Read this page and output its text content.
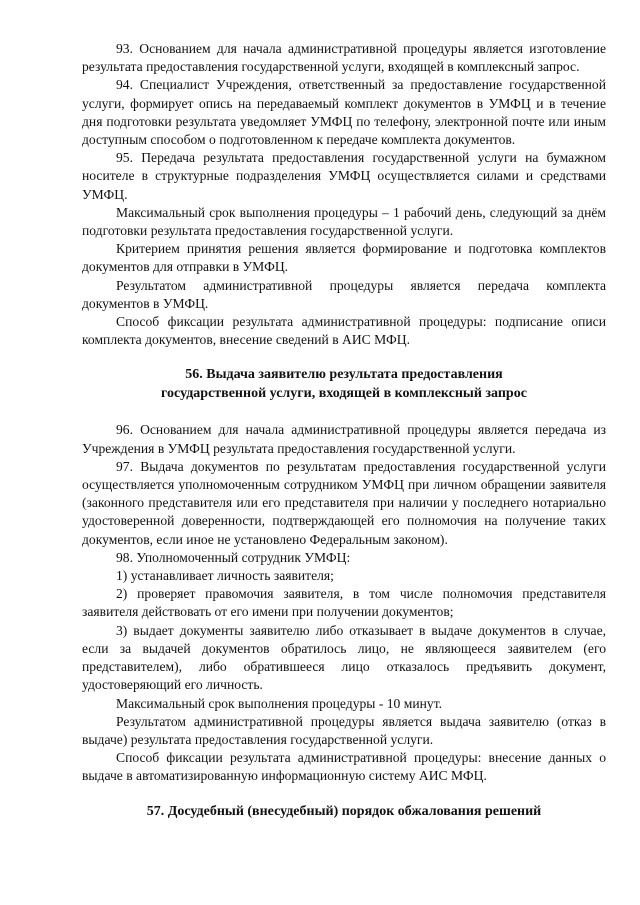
93. Основанием для начала административной процедуры является изготовление результата предоставления государственной услуги, входящей в комплексный запрос.

94. Специалист Учреждения, ответственный за предоставление государственной услуги, формирует опись на передаваемый комплект документов в УМФЦ и в течение дня подготовки результата уведомляет УМФЦ по телефону, электронной почте или иным доступным способом о подготовленном к передаче комплекта документов.

95. Передача результата предоставления государственной услуги на бумажном носителе в структурные подразделения УМФЦ осуществляется силами и средствами УМФЦ.

Максимальный срок выполнения процедуры – 1 рабочий день, следующий за днём подготовки результата предоставления государственной услуги.

Критерием принятия решения является формирование и подготовка комплектов документов для отправки в УМФЦ.

Результатом административной процедуры является передача комплекта документов в УМФЦ.

Способ фиксации результата административной процедуры: подписание описи комплекта документов, внесение сведений в АИС МФЦ.

56. Выдача заявителю результата предоставления

государственной услуги, входящей в комплексный запрос

96. Основанием для начала административной процедуры является передача из Учреждения в УМФЦ результата предоставления государственной услуги.

97. Выдача документов по результатам предоставления государственной услуги осуществляется уполномоченным сотрудником УМФЦ при личном обращении заявителя (законного представителя или его представителя при наличии у последнего нотариально удостоверенной доверенности, подтверждающей его полномочия на получение таких документов, если иное не установлено Федеральным законом).

98. Уполномоченный сотрудник УМФЦ:

1) устанавливает личность заявителя;

2) проверяет правомочия заявителя, в том числе полномочия представителя заявителя действовать от его имени при получении документов;

3) выдает документы заявителю либо отказывает в выдаче документов в случае, если за выдачей документов обратилось лицо, не являющееся заявителем (его представителем), либо обратившееся лицо отказалось предъявить документ, удостоверяющий его личность.

Максимальный срок выполнения процедуры - 10 минут.

Результатом административной процедуры является выдача заявителю (отказ в выдаче) результата предоставления государственной услуги.

Способ фиксации результата административной процедуры: внесение данных о выдаче в автоматизированную информационную систему АИС МФЦ.

57. Досудебный (внесудебный) порядок обжалования решений
